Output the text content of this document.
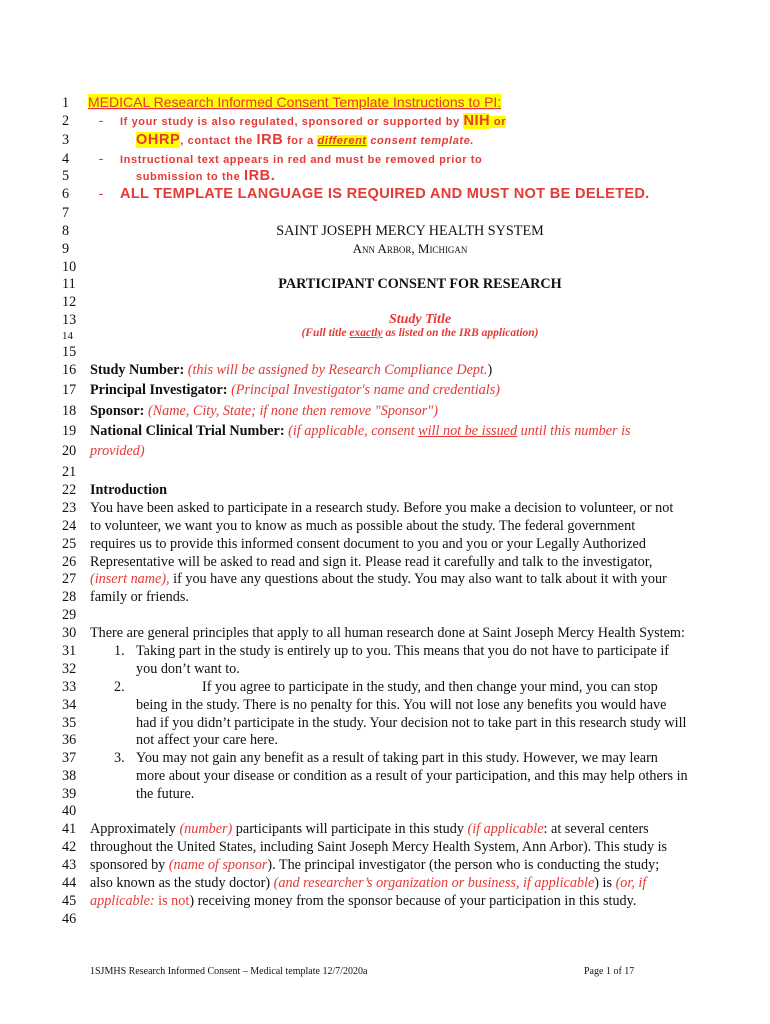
1 MEDICAL Research Informed Consent Template Instructions to PI:
2 - If your study is also regulated, sponsored or supported by NIH or
3	OHRP, contact the IRB for a different consent template.
4 - Instructional text appears in red and must be removed prior to
5	submission to the IRB.
6 - ALL TEMPLATE LANGUAGE IS REQUIRED AND MUST NOT BE DELETED.
7
8	SAINT JOSEPH MERCY HEALTH SYSTEM
9	Ann Arbor, Michigan
10
11	PARTICIPANT CONSENT FOR RESEARCH
12
13	Study Title
14	(Full title exactly as listed on the IRB application)
15
16 Study Number: (this will be assigned by Research Compliance Dept.)
17 Principal Investigator: (Principal Investigator's name and credentials)
18 Sponsor: (Name, City, State; if none then remove "Sponsor")
19 National Clinical Trial Number: (if applicable, consent will not be issued until this number is
20 provided)
21
22 Introduction
23 You have been asked to participate in a research study. Before you make a decision to volunteer, or not
24 to volunteer, we want you to know as much as possible about the study. The federal government
25 requires us to provide this informed consent document to you and you or your Legally Authorized
26 Representative will be asked to read and sign it. Please read it carefully and talk to the investigator,
27 (insert name), if you have any questions about the study. You may also want to talk about it with your
28 family or friends.
29
30 There are general principles that apply to all human research done at Saint Joseph Mercy Health System:
31	1. Taking part in the study is entirely up to you. This means that you do not have to participate if
32	you don’t want to.
33	2.	If you agree to participate in the study, and then change your mind, you can stop
34	being in the study. There is no penalty for this. You will not lose any benefits you would have
35	had if you didn’t participate in the study. Your decision not to take part in this research study will
36	not affect your care here.
37	3. You may not gain any benefit as a result of taking part in this study. However, we may learn
38	more about your disease or condition as a result of your participation, and this may help others in
39	the future.
40
41 Approximately (number) participants will participate in this study (if applicable: at several centers
42 throughout the United States, including Saint Joseph Mercy Health System, Ann Arbor). This study is
43 sponsored by (name of sponsor). The principal investigator (the person who is conducting the study;
44 also known as the study doctor) (and researcher’s organization or business, if applicable) is (or, if
45 applicable: is not) receiving money from the sponsor because of your participation in this study.
46
1SJMHS Research Informed Consent – Medical template 12/7/2020a	Page 1 of 17
